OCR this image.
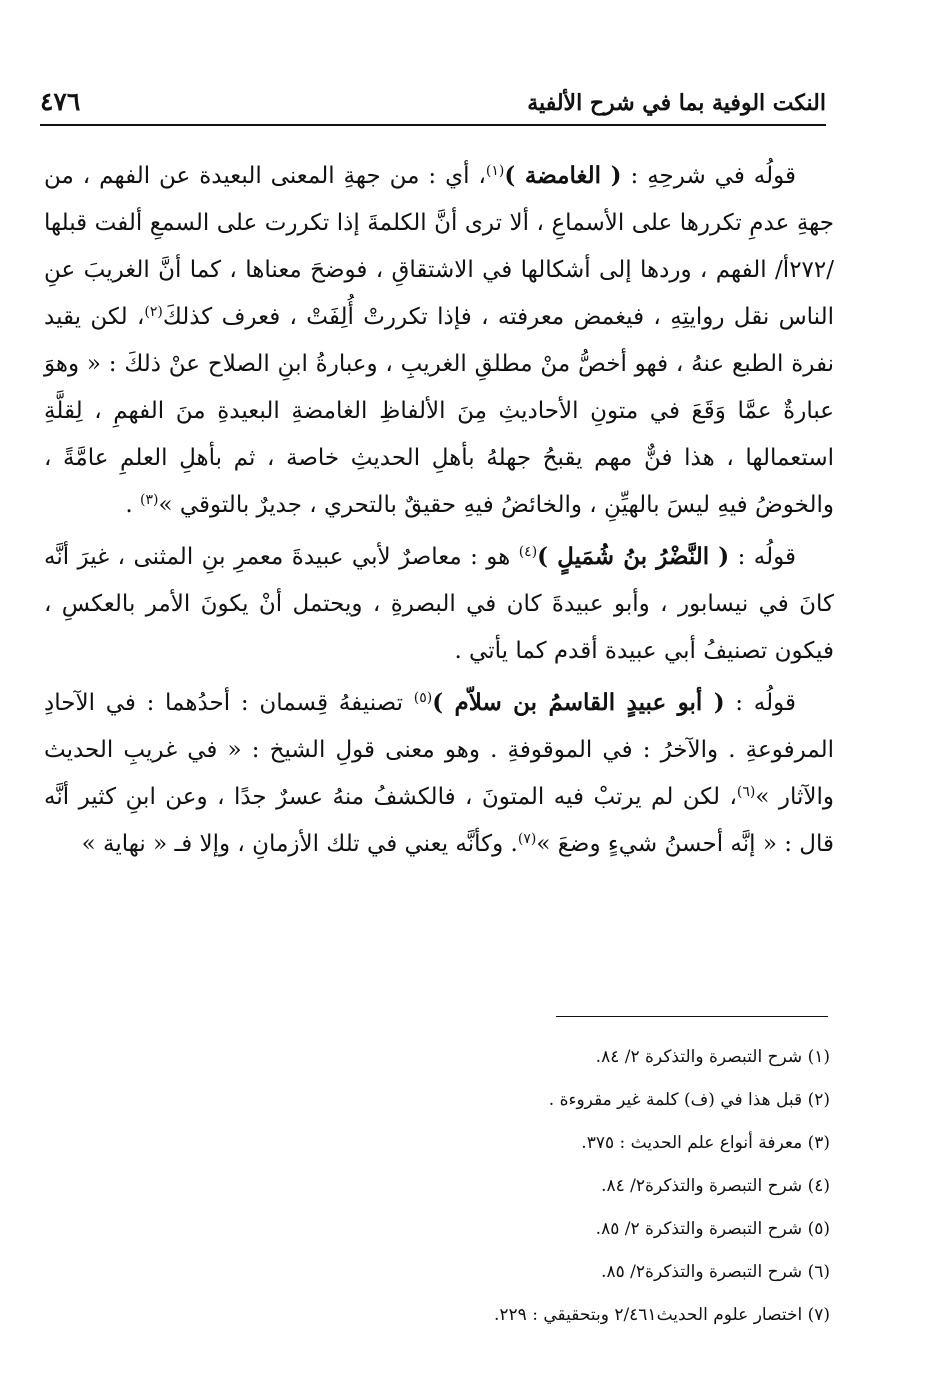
النكت الوفية بما في شرح الألفية
٤٧٦

قولُه في شرحِهِ : ( الغامضة )$^{(١)}$، أي : من جهةِ المعنى البعيدة عن الفهم ، من جهةِ عدمِ تكررها على الأسماعِ ، ألا ترى أنَّ الكلمةَ إذا تكررت على السمعِ ألفت قبلها /٢٧٢أ/ الفهم ، وردها إلى أشكالها في الاشتقاقِ ، فوضحَ معناها ، كما أنَّ الغريبَ عنِ الناس نقل روايتِهِ ، فيغمض معرفته ، فإذا تكررتْ أُلِفَتْ ، فعرف كذلكَ$^{(٢)}$، لكن يقيد نفرة الطبع عنهُ ، فهو أخصُّ منْ مطلقِ الغريبِ ، وعبارةُ ابنِ الصلاح عنْ ذلكَ : « وهوَ عبارةٌ عمَّا وَقَعَ في متونِ الأحاديثِ مِنَ الألفاظِ الغامضةِ البعيدةِ منَ الفهمِ ، لِقلَّةِ استعمالها ، هذا فنٌّ مهم يقبحُ جهلهُ بأهلِ الحديثِ خاصة ، ثم بأهلِ العلمِ عامَّةً ، والخوضُ فيهِ ليسَ بالهيِّنِ ، والخائضُ فيهِ حقيقٌ بالتحري ، جديرٌ بالتوقي »$^{(٣)}$ .

قولُه : ( النَّضْرُ بنُ شُمَيلٍ )$^{(٤)}$ هو : معاصرٌ لأبي عبيدةَ معمرِ بنِ المثنى ، غيرَ أنَّه كانَ في نيسابور ، وأبو عبيدةَ كان في البصرةِ ، ويحتمل أنْ يكونَ الأمر بالعكسِ ، فيكون تصنيفُ أبي عبيدة أقدم كما يأتي .

قولُه : ( أبو عبيدٍ القاسمُ بن سلاّم )$^{(٥)}$ تصنيفهُ قِسمان : أحدُهما : في الآحادِ المرفوعةِ . والآخرُ : في الموقوفةِ . وهو معنى قولِ الشيخ : « في غريبِ الحديث والآثار »$^{(٦)}$، لكن لم يرتبْ فيه المتونَ ، فالكشفُ منهُ عسرٌ جدًا ، وعن ابنِ كثير أنَّه قال : « إنَّه أحسنُ شيءٍ وضعَ »$^{(٧)}$. وكأنَّه يعني في تلك الأزمانِ ، وإلا فـ « نهاية »

(١) شرح التبصرة والتذكرة ٢/ ٨٤.
(٢) قبل هذا في (ف) كلمة غير مقروءة .
(٣) معرفة أنواع علم الحديث : ٣٧٥.
(٤) شرح التبصرة والتذكرة٢/ ٨٤.
(٥) شرح التبصرة والتذكرة ٢/ ٨٥.
(٦) شرح التبصرة والتذكرة٢/ ٨٥.
(٧) اختصار علوم الحديث٢/٤٦١ وبتحقيقي : ٢٢٩.
